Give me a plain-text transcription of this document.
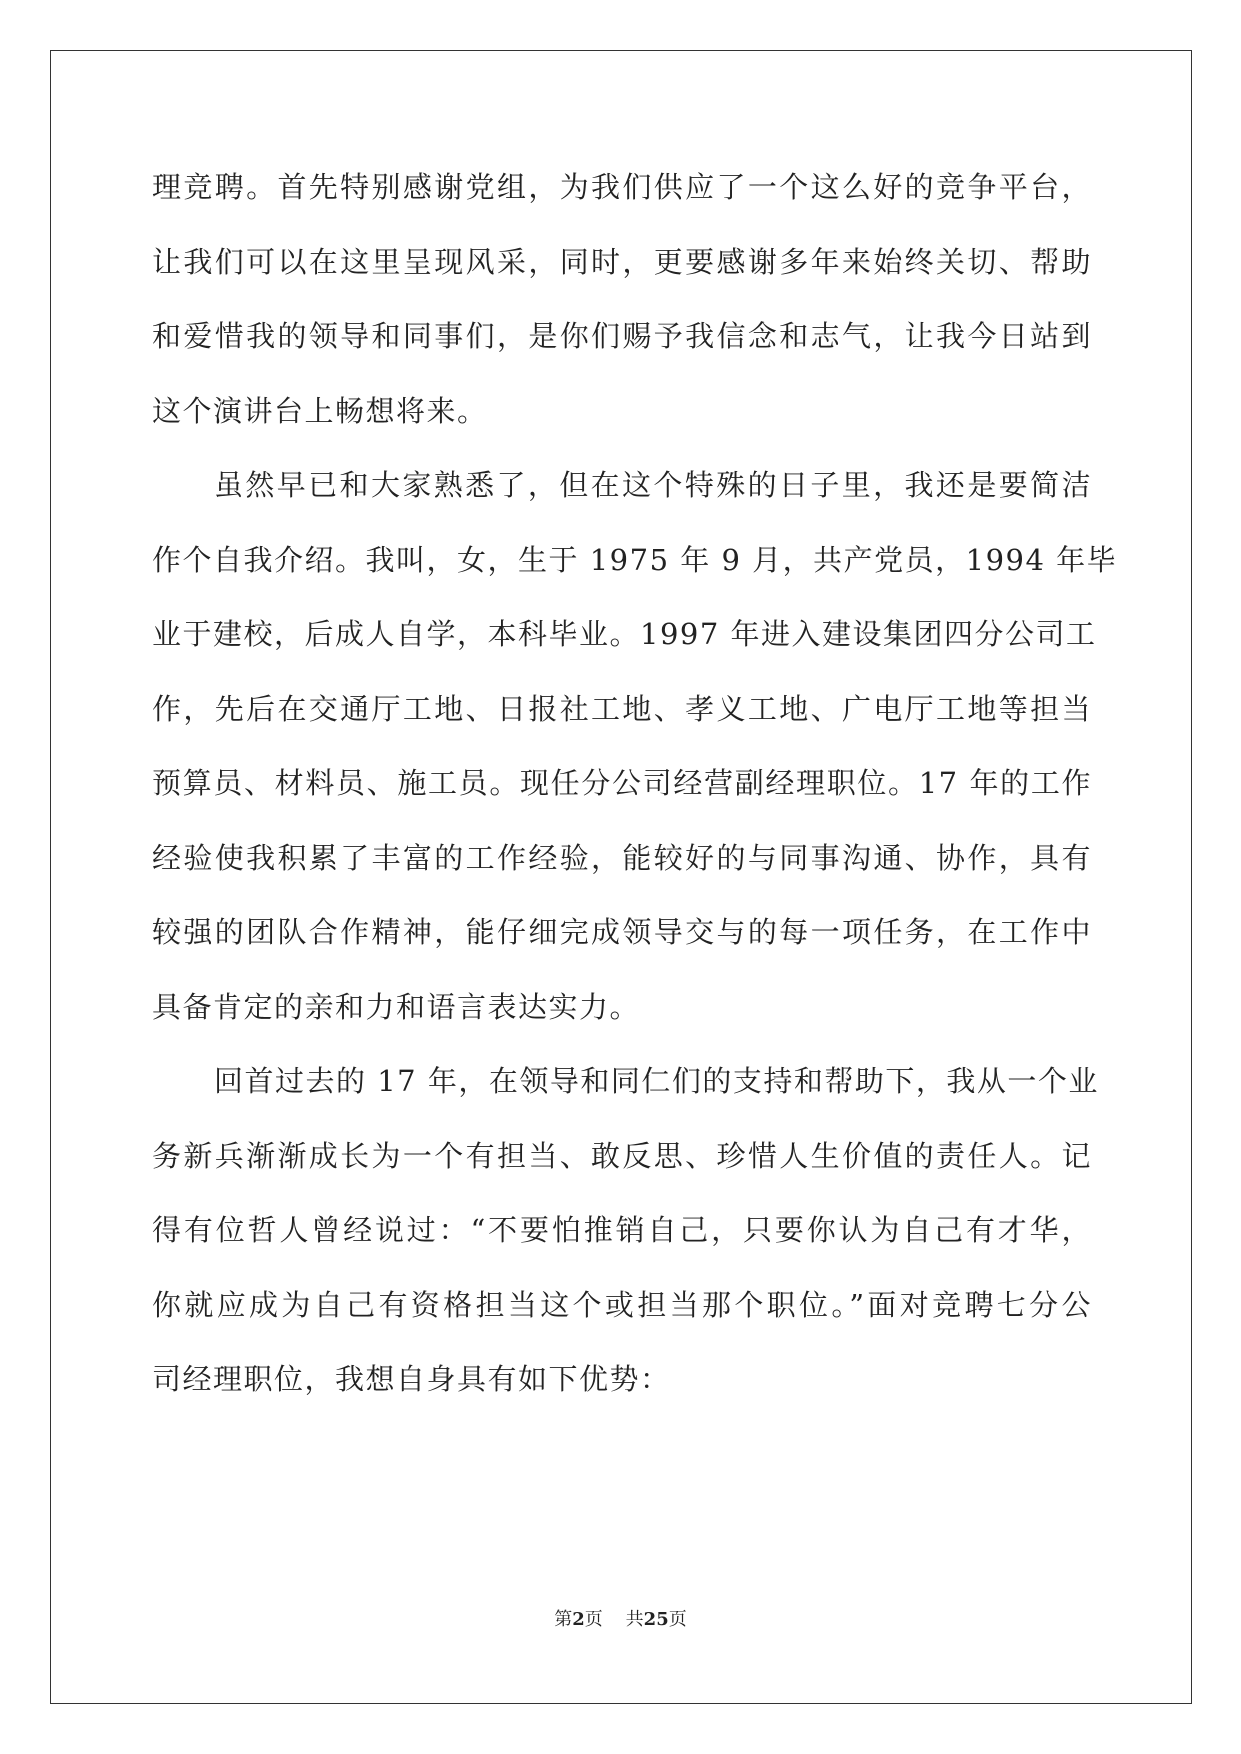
理竞聘。首先特别感谢党组，为我们供应了一个这么好的竞争平台，
让我们可以在这里呈现风采，同时，更要感谢多年来始终关切、帮助
和爱惜我的领导和同事们，是你们赐予我信念和志气，让我今日站到
这个演讲台上畅想将来。
虽然早已和大家熟悉了，但在这个特殊的日子里，我还是要简洁
作个自我介绍。我叫，女，生于 1975 年 9 月，共产党员，1994 年毕
业于建校，后成人自学，本科毕业。1997 年进入建设集团四分公司工
作，先后在交通厅工地、日报社工地、孝义工地、广电厅工地等担当
预算员、材料员、施工员。现任分公司经营副经理职位。17 年的工作
经验使我积累了丰富的工作经验，能较好的与同事沟通、协作，具有
较强的团队合作精神，能仔细完成领导交与的每一项任务，在工作中
具备肯定的亲和力和语言表达实力。
回首过去的 17 年，在领导和同仁们的支持和帮助下，我从一个业
务新兵渐渐成长为一个有担当、敢反思、珍惜人生价值的责任人。记
得有位哲人曾经说过：“不要怕推销自己，只要你认为自己有才华，
你就应成为自己有资格担当这个或担当那个职位。”面对竞聘七分公
司经理职位，我想自身具有如下优势：
第2页 共25页
